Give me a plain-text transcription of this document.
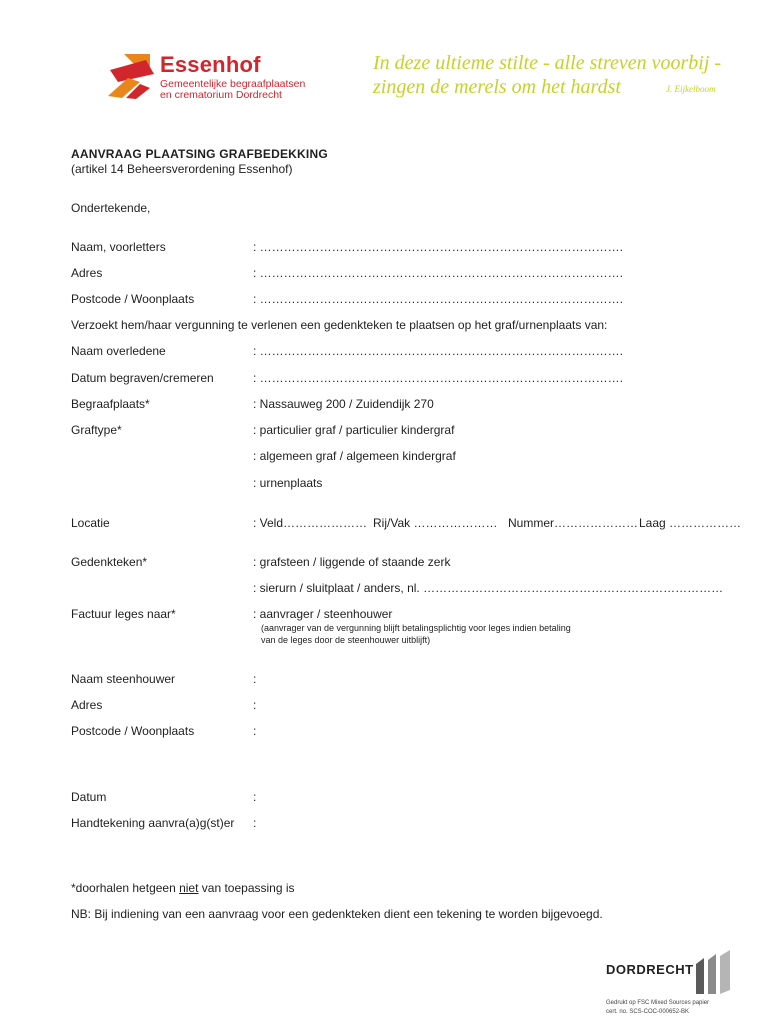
Essenhof
Gemeentelijke begraafplaatsen
en crematorium Dordrecht
In deze ultieme stilte - alle streven voorbij -
zingen de merels om het hardst	J. Eijkelboom
AANVRAAG PLAATSING GRAFBEDEKKING
(artikel 14 Beheersverordening Essenhof)
Ondertekende,
Naam, voorletters	: ……………………………………………………………………………….
Adres	: ……………………………………………………………………………….
Postcode / Woonplaats	: ……………………………………………………………………………….
Verzoekt hem/haar vergunning te verlenen een gedenkteken te plaatsen op het graf/urnenplaats van:
Naam overledene	: ……………………………………………………………………………….
Datum begraven/cremeren	: ……………………………………………………………………………….
Begraafplaats*	: Nassauweg 200 / Zuidendijk 270
Graftype*	: particulier graf / particulier kindergraf
: algemeen graf / algemeen kindergraf
: urnenplaats
Locatie	: Veld………………… Rij/Vak ………………… Nummer………………… Laag ………………
Gedenkteken*	: grafsteen / liggende of staande zerk
: sierurn / sluitplaat / anders, nl. …………………………………………………………………
Factuur leges naar*	: aanvrager / steenhouwer
(aanvrager van de vergunning blijft betalingsplichtig voor leges indien betaling
van de leges door de steenhouwer uitblijft)
Naam steenhouwer	:
Adres	:
Postcode / Woonplaats	:
Datum	:
Handtekening aanvra(a)g(st)er :
*doorhalen hetgeen niet van toepassing is
NB: Bij indiening van een aanvraag voor een gedenkteken dient een tekening te worden bijgevoegd.
DORDRECHT
Gedrukt op FSC Mixed Sources papier
cert. no. SCS-COC-000652-BK
